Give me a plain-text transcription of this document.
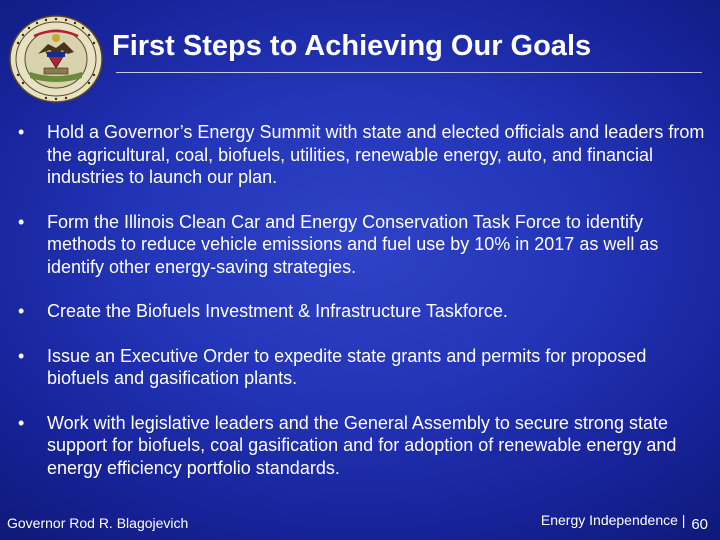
First Steps to Achieving Our Goals
•	Hold a Governor’s Energy Summit with state and elected officials and leaders from the agricultural, coal, biofuels, utilities, renewable energy, auto, and financial industries to launch our plan.
•	Form the Illinois Clean Car and Energy Conservation Task Force to identify methods to reduce vehicle emissions and fuel use by 10% in 2017 as well as identify other energy-saving strategies.
•	Create the Biofuels Investment & Infrastructure Taskforce.
•	Issue an Executive Order to expedite state grants and permits for proposed biofuels and gasification plants.
•	Work with legislative leaders and the General Assembly to secure strong state support for biofuels, coal gasification and for adoption of renewable energy and energy efficiency portfolio standards.
Governor Rod R. Blagojevich	Energy Independence | 60
